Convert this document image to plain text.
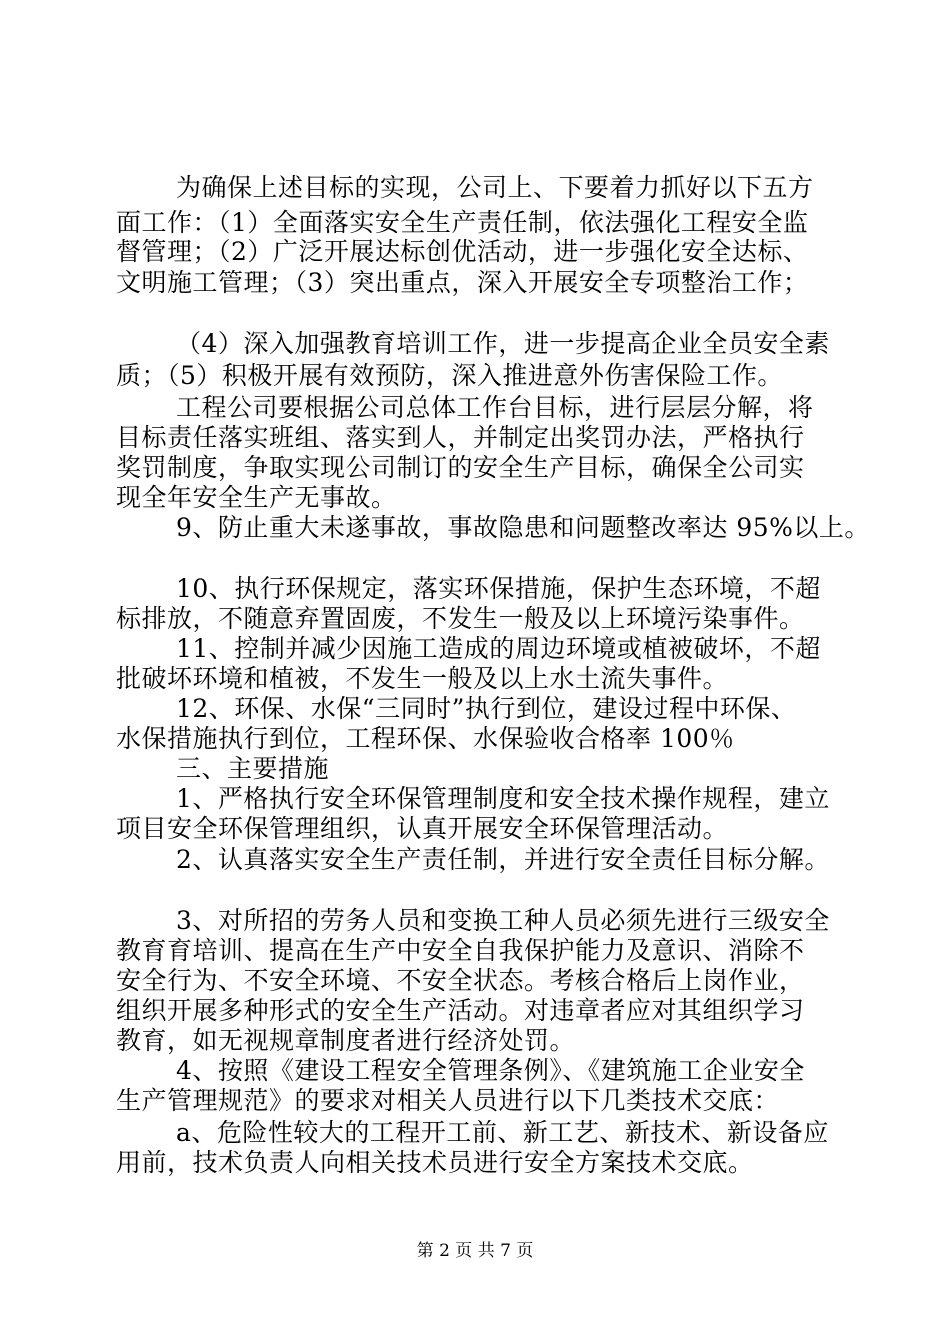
为确保上述目标的实现，公司上、下要着力抓好以下五方
面工作：（1）全面落实安全生产责任制，依法强化工程安全监
督管理；（2）广泛开展达标创优活动，进一步强化安全达标、
文明施工管理；（3）突出重点，深入开展安全专项整治工作；
（4）深入加强教育培训工作，进一步提高企业全员安全素
质；（5）积极开展有效预防，深入推进意外伤害保险工作。
工程公司要根据公司总体工作台目标，进行层层分解，将
目标责任落实班组、落实到人，并制定出奖罚办法，严格执行
奖罚制度，争取实现公司制订的安全生产目标，确保全公司实
现全年安全生产无事故。
9、防止重大未遂事故，事故隐患和问题整改率达 95%以上。
10、执行环保规定，落实环保措施，保护生态环境，不超
标排放，不随意弃置固废，不发生一般及以上环境污染事件。
11、控制并减少因施工造成的周边环境或植被破坏，不超
批破坏环境和植被，不发生一般及以上水土流失事件。
12、环保、水保“三同时”执行到位，建设过程中环保、
水保措施执行到位，工程环保、水保验收合格率 100％
三、主要措施
1、严格执行安全环保管理制度和安全技术操作规程，建立
项目安全环保管理组织，认真开展安全环保管理活动。
2、认真落实安全生产责任制，并进行安全责任目标分解。
3、对所招的劳务人员和变换工种人员必须先进行三级安全
教育育培训、提高在生产中安全自我保护能力及意识、消除不
安全行为、不安全环境、不安全状态。考核合格后上岗作业，
组织开展多种形式的安全生产活动。对违章者应对其组织学习
教育，如无视规章制度者进行经济处罚。
4、按照《建设工程安全管理条例》、《建筑施工企业安全
生产管理规范》的要求对相关人员进行以下几类技术交底：
a、危险性较大的工程开工前、新工艺、新技术、新设备应
用前，技术负责人向相关技术员进行安全方案技术交底。
第 2 页 共 7 页
